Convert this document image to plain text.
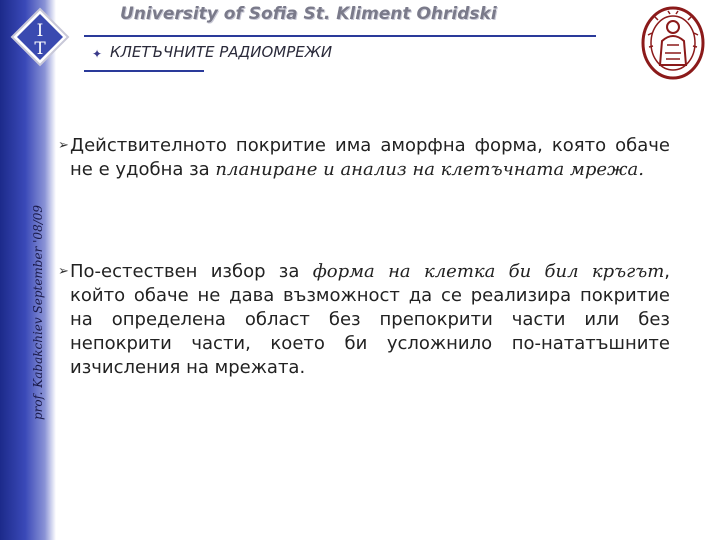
I
T
prof. Kabakchiev September '08/09
University of Sofia St. Kliment Ohridski
✦ КЛЕТЪЧНИТЕ РАДИОМРЕЖИ
➢ Действителното покритие има аморфна форма, която обаче не е удобна за планиране и анализ на клетъчната мрежа.
➢ По-естествен избор за форма на клетка би бил кръгът, който обаче не дава възможност да се реализира покритие на определена област без препокрити части или без непокрити части, което би усложнило по-нататъшните изчисления на мрежата.
